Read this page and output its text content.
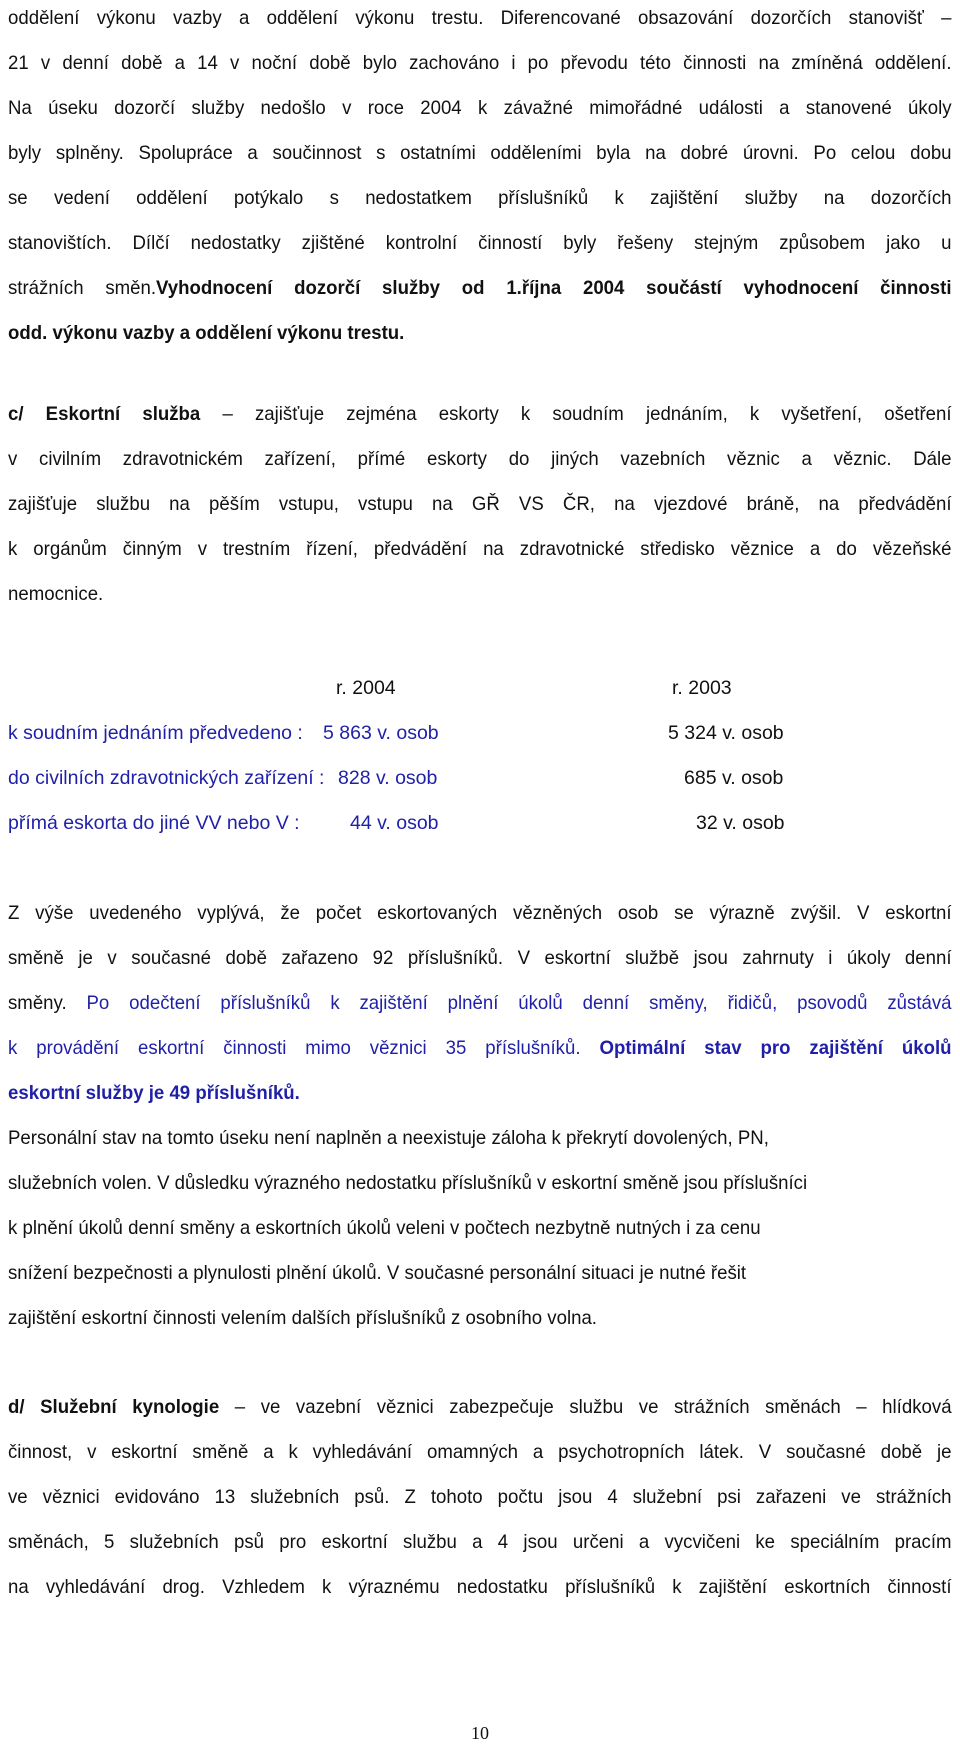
oddělení výkonu vazby a oddělení výkonu trestu. Diferencované obsazování dozorčích stanovišť –
21 v denní době a 14 v noční době bylo zachováno i po převodu této činnosti na zmíněná oddělení.
Na úseku dozorčí služby nedošlo v roce 2004 k závažné mimořádné události a stanovené úkoly
byly splněny. Spolupráce a součinnost s ostatními odděleními byla na dobré úrovni. Po celou dobu
se vedení oddělení potýkalo s nedostatkem příslušníků k zajištění služby na dozorčích
stanovištích. Dílčí nedostatky zjištěné kontrolní činností byly řešeny stejným způsobem jako u
strážních směn.Vyhodnocení dozorčí služby od 1.října 2004 součástí vyhodnocení činnosti
odd. výkonu vazby a oddělení výkonu trestu.
c/ Eskortní služba – zajišťuje zejména eskorty k soudním jednáním, k vyšetření, ošetření
v civilním zdravotnickém zařízení, přímé eskorty do jiných vazebních věznic a věznic. Dále
zajišťuje službu na pěším vstupu, vstupu na GŘ VS ČR, na vjezdové bráně, na předvádění
k orgánům činným v trestním řízení, předvádění na zdravotnické středisko věznice a do vězeňské
nemocnice.
r. 2004	r. 2003
k soudním jednáním předvedeno : 5 863 v. osob	5 324 v. osob
do civilních zdravotnických zařízení : 828 v. osob	685 v. osob
přímá eskorta do jiné VV nebo V :	44 v. osob	32 v. osob
Z výše uvedeného vyplývá, že počet eskortovaných vězněných osob se výrazně zvýšil. V eskortní
směně je v současné době zařazeno 92 příslušníků. V eskortní službě jsou zahrnuty i úkoly denní
směny. Po odečtení příslušníků k zajištění plnění úkolů denní směny, řidičů, psovodů zůstává
k provádění eskortní činnosti mimo věznici 35 příslušníků. Optimální stav pro zajištění úkolů
eskortní služby je 49 příslušníků.
Personální stav na tomto úseku není naplněn a neexistuje záloha k překrytí dovolených, PN,
služebních volen. V důsledku výrazného nedostatku příslušníků v eskortní směně jsou příslušníci
k plnění úkolů denní směny a eskortních úkolů veleni v počtech nezbytně nutných i za cenu
snížení bezpečnosti a plynulosti plnění úkolů. V současné personální situaci je nutné řešit
zajištění eskortní činnosti velením dalších příslušníků z osobního volna.
d/ Služební kynologie – ve vazební věznici zabezpečuje službu ve strážních směnách – hlídková
činnost, v eskortní směně a k vyhledávání omamných a psychotropních látek. V současné době je
ve věznici evidováno 13 služebních psů. Z tohoto počtu jsou 4 služební psi zařazeni ve strážních
směnách, 5 služebních psů pro eskortní službu a 4 jsou určeni a vycvičeni ke speciálním pracím
na vyhledávání drog. Vzhledem k výraznému nedostatku příslušníků k zajištění eskortních činností
10
